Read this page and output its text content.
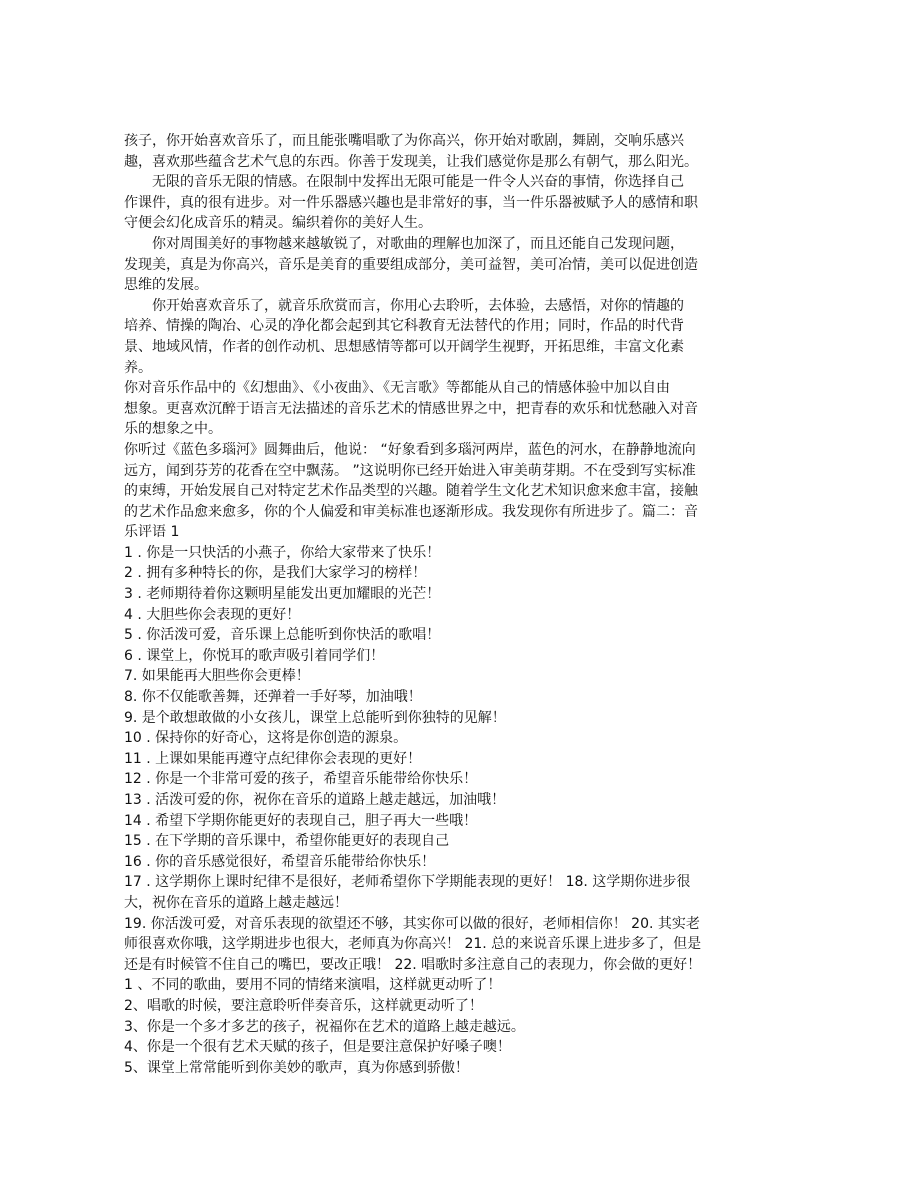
孩子，你开始喜欢音乐了，而且能张嘴唱歌了为你高兴，你开始对歌剧，舞剧，交响乐感兴
趣，喜欢那些蕴含艺术气息的东西。你善于发现美，让我们感觉你是那么有朝气，那么阳光。
无限的音乐无限的情感。在限制中发挥出无限可能是一件令人兴奋的事情，你选择自己
作课件，真的很有进步。对一件乐器感兴趣也是非常好的事，当一件乐器被赋予人的感情和职
守便会幻化成音乐的精灵。编织着你的美好人生。
你对周围美好的事物越来越敏锐了，对歌曲的理解也加深了，而且还能自己发现问题，
发现美，真是为你高兴，音乐是美育的重要组成部分，美可益智，美可冶情，美可以促进创造
思维的发展。
你开始喜欢音乐了，就音乐欣赏而言，你用心去聆听，去体验，去感悟，对你的情趣的
培养、情操的陶冶、心灵的净化都会起到其它科教育无法替代的作用；同时，作品的时代背
景、地域风情，作者的创作动机、思想感情等都可以开阔学生视野，开拓思维，丰富文化素
养。
你对音乐作品中的《幻想曲》、《小夜曲》、《无言歌》等都能从自己的情感体验中加以自由
想象。更喜欢沉醉于语言无法描述的音乐艺术的情感世界之中，把青春的欢乐和忧愁融入对音
乐的想象之中。
你听过《蓝色多瑙河》圆舞曲后，他说： “好象看到多瑙河两岸，蓝色的河水，在静静地流向
远方，闻到芬芳的花香在空中飘荡。 ”这说明你已经开始进入审美萌芽期。不在受到写实标准
的束缚，开始发展自己对特定艺术作品类型的兴趣。随着学生文化艺术知识愈来愈丰富，接触
的艺术作品愈来愈多，你的个人偏爱和审美标准也逐渐形成。我发现你有所进步了。篇二：音
乐评语 1
1 . 你是一只快活的小燕子，你给大家带来了快乐！
2 . 拥有多种特长的你，是我们大家学习的榜样！
3 . 老师期待着你这颗明星能发出更加耀眼的光芒！
4 . 大胆些你会表现的更好！
5 . 你活泼可爱，音乐课上总能听到你快活的歌唱！
6 . 课堂上，你悦耳的歌声吸引着同学们！
7. 如果能再大胆些你会更棒！
8. 你不仅能歌善舞，还弹着一手好琴，加油哦！
9. 是个敢想敢做的小女孩儿，课堂上总能听到你独特的见解！
10 . 保持你的好奇心，这将是你创造的源泉。
11 . 上课如果能再遵守点纪律你会表现的更好！
12 . 你是一个非常可爱的孩子，希望音乐能带给你快乐！
13 . 活泼可爱的你，祝你在音乐的道路上越走越远，加油哦！
14 . 希望下学期你能更好的表现自己，胆子再大一些哦！
15 . 在下学期的音乐课中，希望你能更好的表现自己
16 . 你的音乐感觉很好，希望音乐能带给你快乐！
17 . 这学期你上课时纪律不是很好，老师希望你下学期能表现的更好！ 18. 这学期你进步很
大，祝你在音乐的道路上越走越远！
19. 你活泼可爱，对音乐表现的欲望还不够，其实你可以做的很好，老师相信你！ 20. 其实老
师很喜欢你哦，这学期进步也很大，老师真为你高兴！ 21. 总的来说音乐课上进步多了，但是
还是有时候管不住自己的嘴巴，要改正哦！ 22. 唱歌时多注意自己的表现力，你会做的更好！
1 、不同的歌曲，要用不同的情绪来演唱，这样就更动听了！
2、唱歌的时候，要注意聆听伴奏音乐，这样就更动听了！
3、你是一个多才多艺的孩子，祝福你在艺术的道路上越走越远。
4、你是一个很有艺术天赋的孩子，但是要注意保护好嗓子噢！
5、课堂上常常能听到你美妙的歌声，真为你感到骄傲！
